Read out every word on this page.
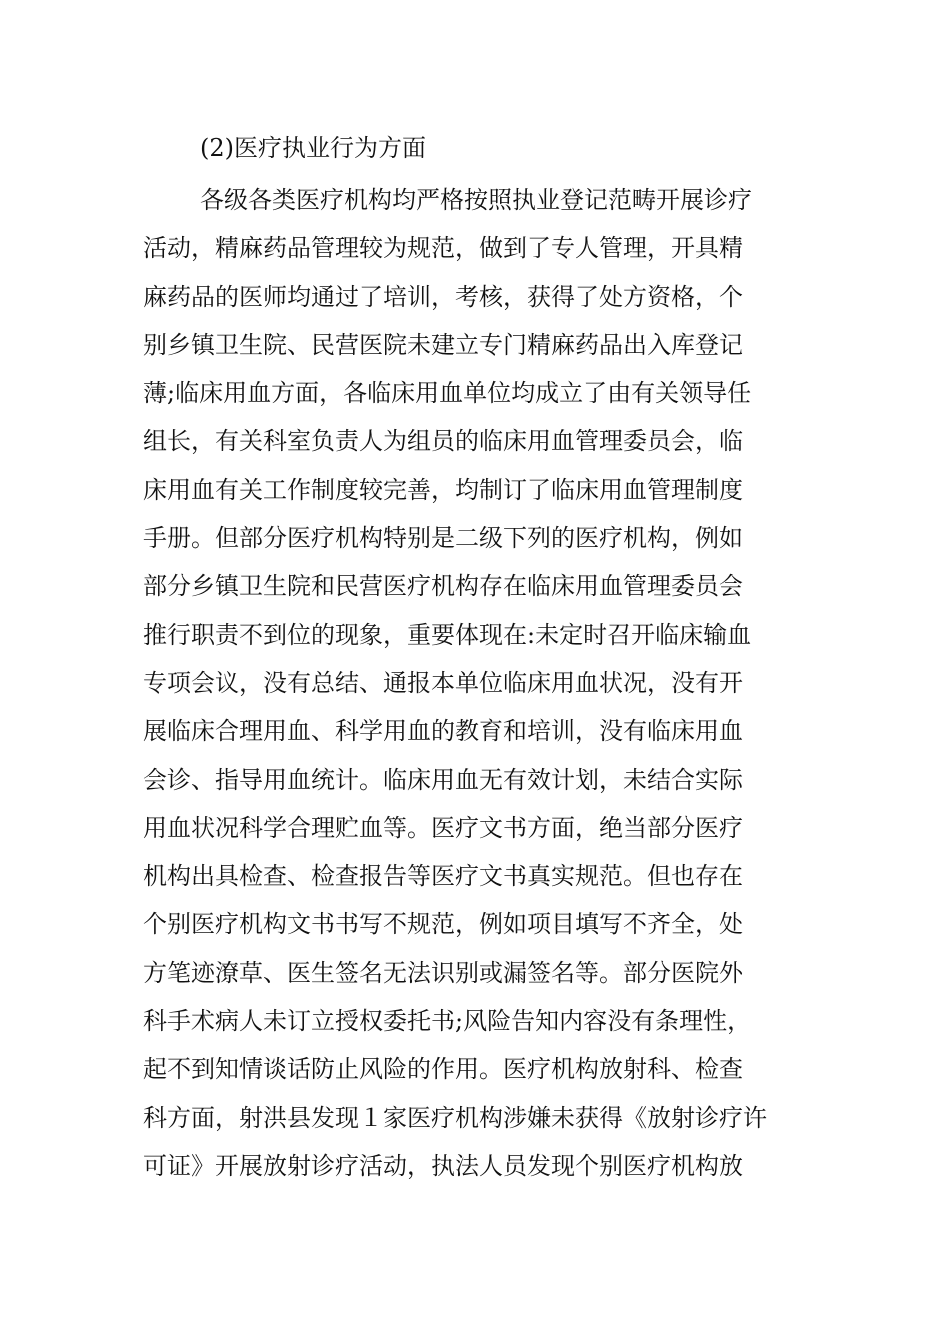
(2)医疗执业行为方面
各级各类医疗机构均严格按照执业登记范畴开展诊疗
活动，精麻药品管理较为规范，做到了专人管理，开具精
麻药品的医师均通过了培训，考核，获得了处方资格，个
别乡镇卫生院、民营医院未建立专门精麻药品出入库登记
薄;临床用血方面，各临床用血单位均成立了由有关领导任
组长，有关科室负责人为组员的临床用血管理委员会，临
床用血有关工作制度较完善，均制订了临床用血管理制度
手册。但部分医疗机构特别是二级下列的医疗机构，例如
部分乡镇卫生院和民营医疗机构存在临床用血管理委员会
推行职责不到位的现象，重要体现在:未定时召开临床输血
专项会议，没有总结、通报本单位临床用血状况，没有开
展临床合理用血、科学用血的教育和培训，没有临床用血
会诊、指导用血统计。临床用血无有效计划，未结合实际
用血状况科学合理贮血等。医疗文书方面，绝当部分医疗
机构出具检查、检查报告等医疗文书真实规范。但也存在
个别医疗机构文书书写不规范，例如项目填写不齐全，处
方笔迹潦草、医生签名无法识别或漏签名等。部分医院外
科手术病人未订立授权委托书;风险告知内容没有条理性，
起不到知情谈话防止风险的作用。医疗机构放射科、检查
科方面，射洪县发现１家医疗机构涉嫌未获得《放射诊疗许
可证》开展放射诊疗活动，执法人员发现个别医疗机构放
